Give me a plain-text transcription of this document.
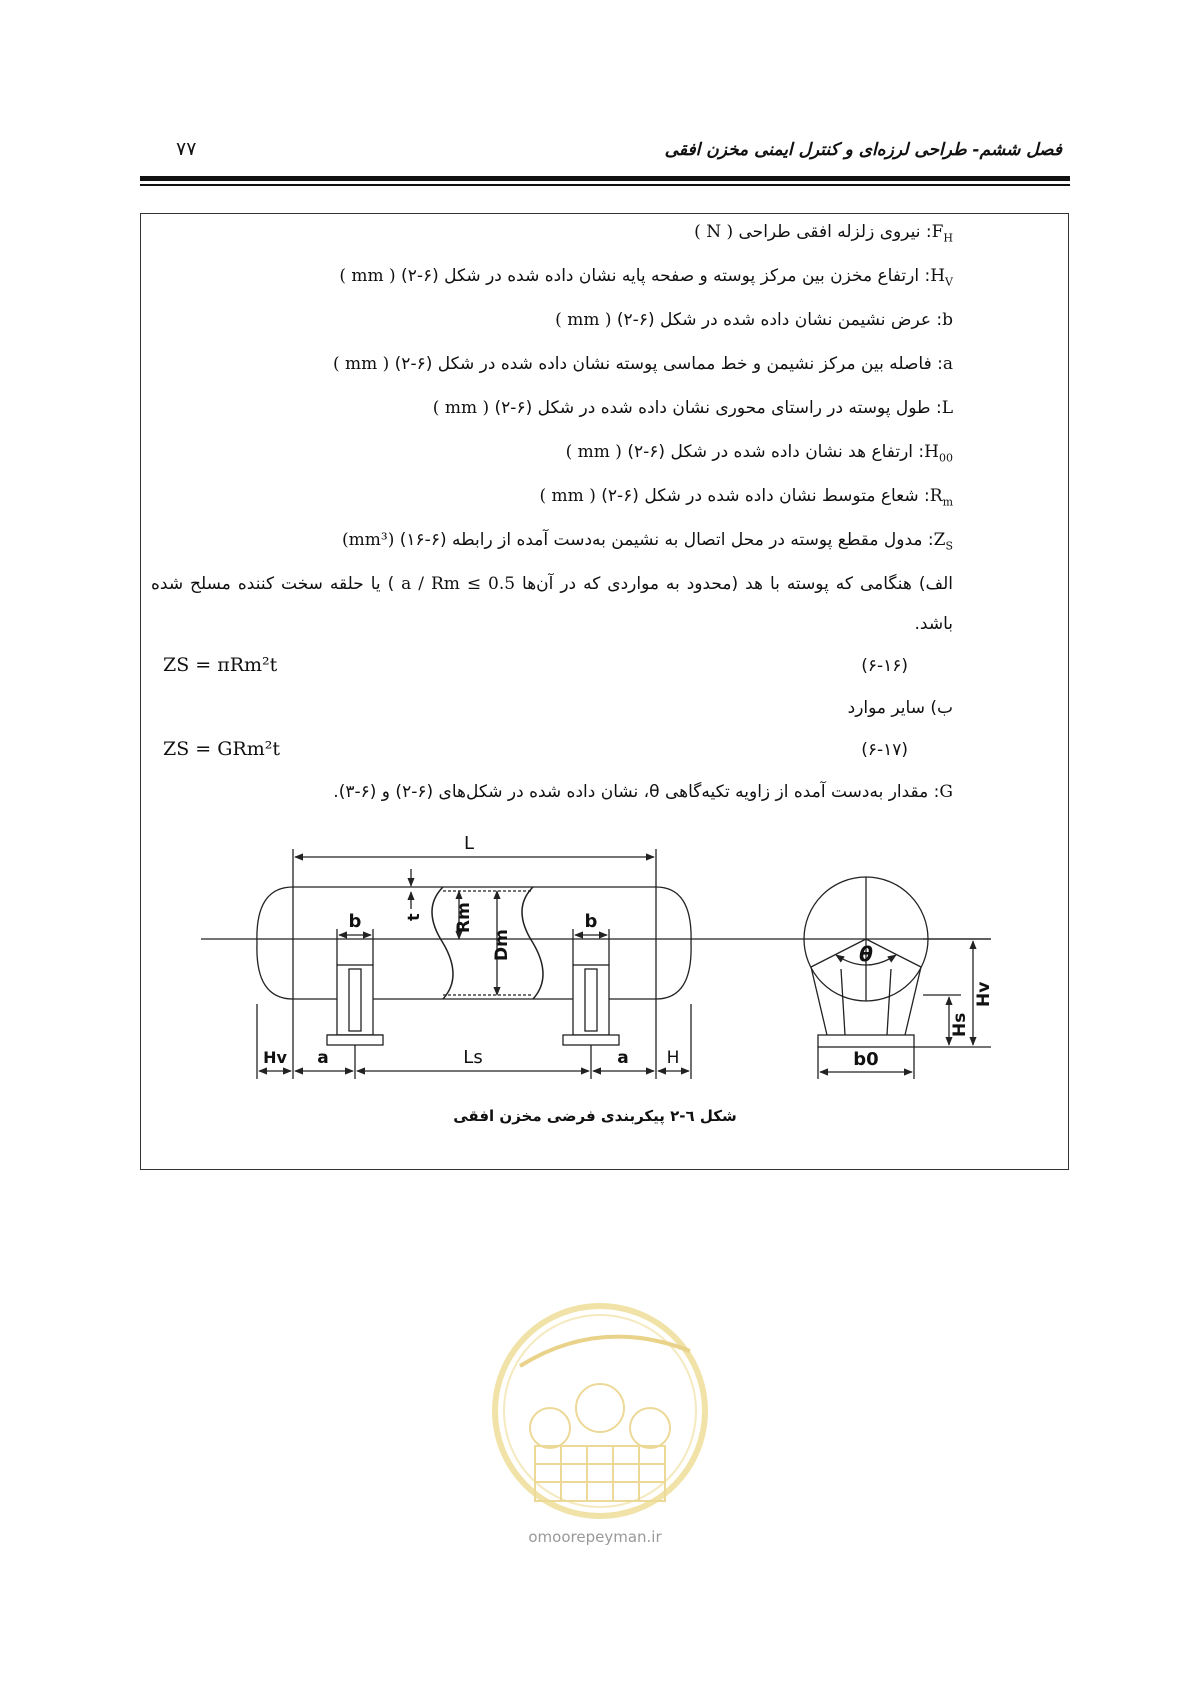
۷۷	فصل ششم- طراحی لرزه‌ای و کنترل ایمنی مخزن افقی
$F_H$: نیروی زلزله افقی طراحی ( N )
$H_V$: ارتفاع مخزن بین مرکز پوسته و صفحه پایه نشان داده شده در شکل (۶-۲) ( mm )
b: عرض نشیمن نشان داده شده در شکل (۶-۲) ( mm )
a: فاصله بین مرکز نشیمن و خط مماسی پوسته نشان داده شده در شکل (۶-۲) ( mm )
L: طول پوسته در راستای محوری نشان داده شده در شکل (۶-۲) ( mm )
$H_{00}$: ارتفاع هد نشان داده شده در شکل (۶-۲) ( mm )
$R_m$: شعاع متوسط نشان داده شده در شکل (۶-۲) ( mm )
$Z_S$: مدول مقطع پوسته در محل اتصال به نشیمن به‌دست آمده از رابطه (۶-۱۶) (mm³)
الف) هنگامی که پوسته با هد (محدود به مواردی که در آن‌ها a / Rm ≤ 0.5 ) یا حلقه سخت کننده مسلح شده
باشد.
ZS = πRm²t	(۶-۱۶)
ب) سایر موارد
ZS = GRm²t	(۶-۱۷)
G: مقدار به‌دست آمده از زاویه تکیه‌گاهی θ، نشان داده شده در شکل‌های (۶-۲) و (۶-۳).
L
b	b
t Rm
Dm
Hv a	Ls	a H
θ
Hv
Hs
b0
شکل ٦-٢ پیکربندی فرضی مخزن افقی
omoorepeyman.ir
